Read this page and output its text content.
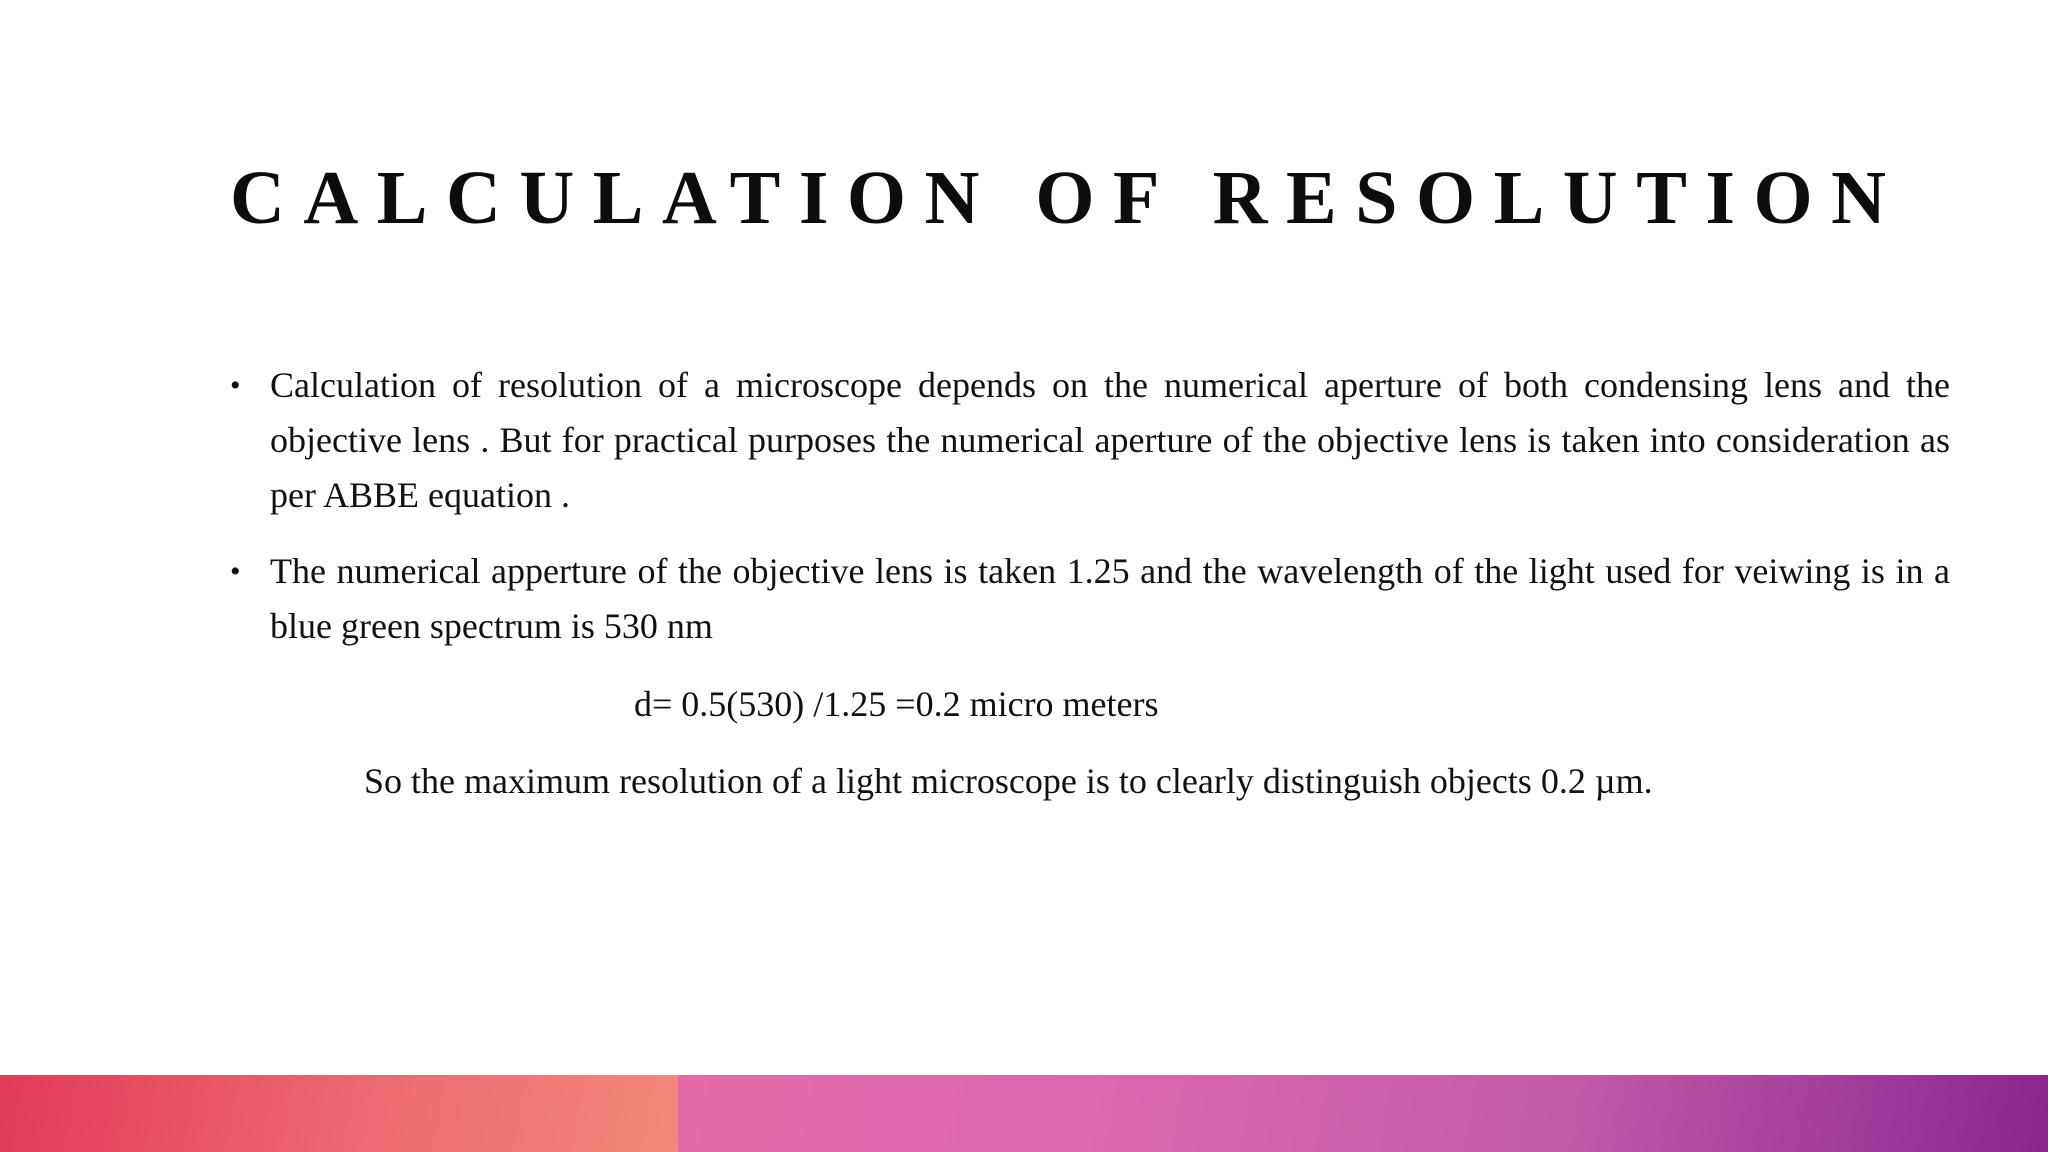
CALCULATION OF RESOLUTION
• Calculation of resolution of a microscope depends on the numerical aperture of both condensing lens and the objective lens . But for practical purposes the numerical aperture of the objective lens is taken into consideration as per ABBE equation .
• The numerical apperture of the objective lens is taken 1.25 and the wavelength of the light used for veiwing is in a blue green spectrum is 530 nm
d= 0.5(530) /1.25 =0.2 micro meters
So the maximum resolution of a light microscope is to clearly distinguish objects 0.2 µm.
